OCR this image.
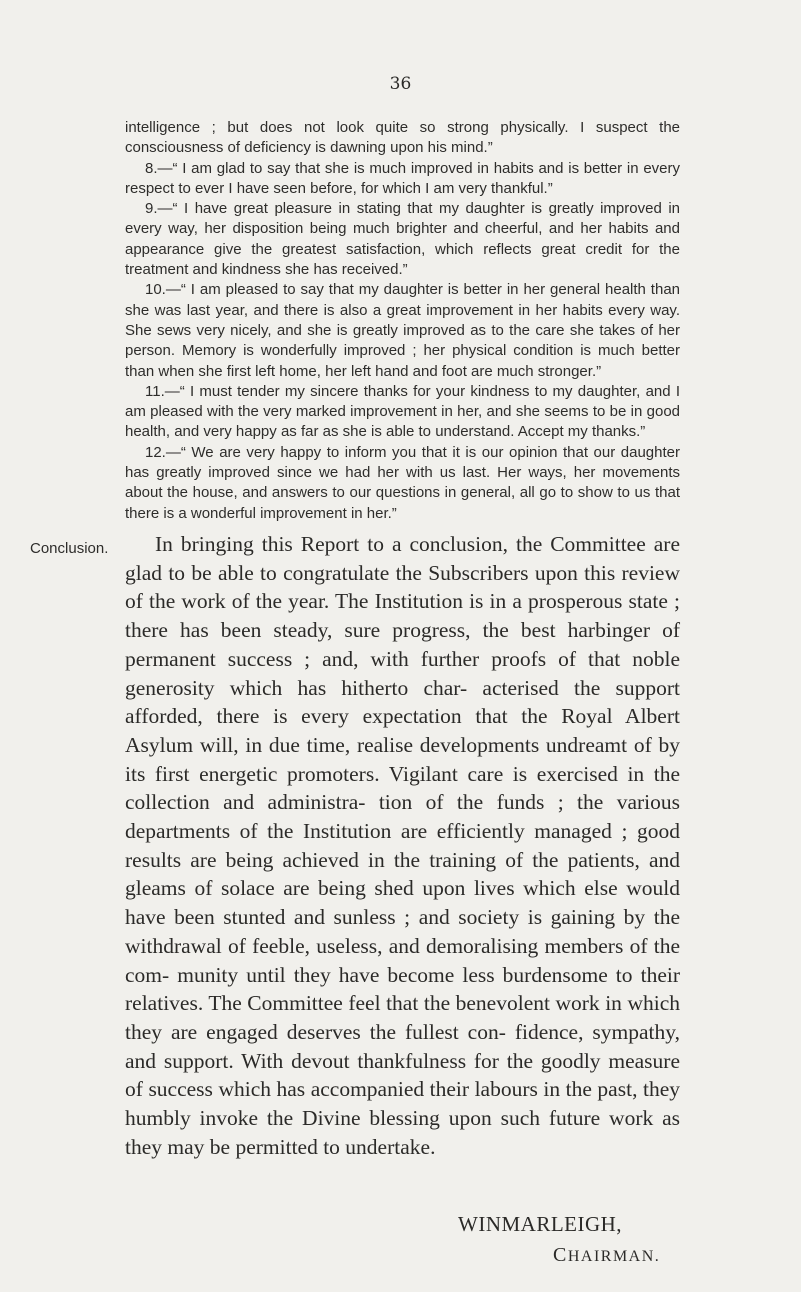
36

intelligence ; but does not look quite so strong physically. I suspect the consciousness of deficiency is dawning upon his mind.”

8.—“ I am glad to say that she is much improved in habits and is better in every respect to ever I have seen before, for which I am very thankful.”

9.—“ I have great pleasure in stating that my daughter is greatly improved in every way, her disposition being much brighter and cheerful, and her habits and appearance give the greatest satisfaction, which reflects great credit for the treatment and kindness she has received.”

10.—“ I am pleased to say that my daughter is better in her general health than she was last year, and there is also a great improvement in her habits every way. She sews very nicely, and she is greatly improved as to the care she takes of her person. Memory is wonderfully improved ; her physical condition is much better than when she first left home, her left hand and foot are much stronger.”

11.—“ I must tender my sincere thanks for your kindness to my daughter, and I am pleased with the very marked improvement in her, and she seems to be in good health, and very happy as far as she is able to understand. Accept my thanks.”

12.—“ We are very happy to inform you that it is our opinion that our daughter has greatly improved since we had her with us last. Her ways, her movements about the house, and answers to our questions in general, all go to show to us that there is a wonderful improvement in her.”

Conclusion.	In bringing this Report to a conclusion, the Committee are glad to be able to congratulate the Subscribers upon this review of the work of the year. The Institution is in a prosperous state ; there has been steady, sure progress, the best harbinger of permanent success ; and, with further proofs of that noble generosity which has hitherto char- acterised the support afforded, there is every expectation that the Royal Albert Asylum will, in due time, realise developments undreamt of by its first energetic promoters. Vigilant care is exercised in the collection and administra- tion of the funds ; the various departments of the Institution are efficiently managed ; good results are being achieved in the training of the patients, and gleams of solace are being shed upon lives which else would have been stunted and sunless ; and society is gaining by the withdrawal of feeble, useless, and demoralising members of the com- munity until they have become less burdensome to their relatives. The Committee feel that the benevolent work in which they are engaged deserves the fullest con- fidence, sympathy, and support. With devout thankfulness for the goodly measure of success which has accompanied their labours in the past, they humbly invoke the Divine blessing upon such future work as they may be permitted to undertake.

WINMARLEIGH,
CHAIRMAN.
